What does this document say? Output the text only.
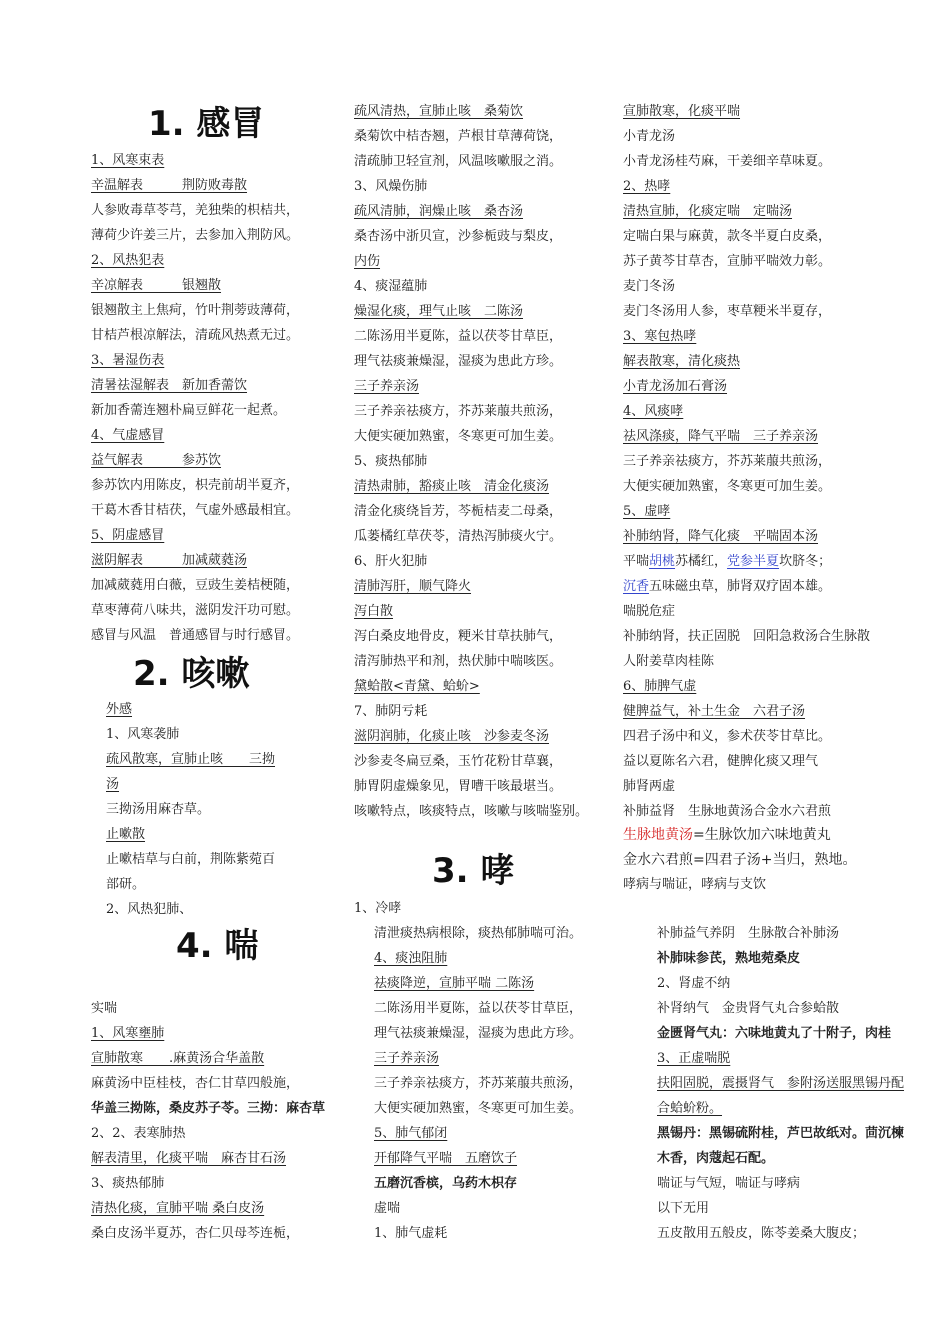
1. 感冒
2. 咳嗽
3. 哮
4. 喘
1、风寒束表
辛温解表　　　荆防败毒散
人参败毒草苓芎，羌独柴的枳桔共，
薄荷少许姜三片，去参加入荆防风。
2、风热犯表
辛凉解表　　　银翘散
银翘散主上焦疴，竹叶荆蒡豉薄荷，
甘桔芦根凉解法，清疏风热煮无过。
3、暑湿伤表
清暑祛湿解表　新加香薷饮
新加香薷连翘朴扁豆鲜花一起煮。
4、气虚感冒
益气解表　　　参苏饮
参苏饮内用陈皮，枳壳前胡半夏齐，
干葛木香甘桔茯，气虚外感最相宜。
5、阴虚感冒
滋阴解表　　　加减葳蕤汤
加减葳蕤用白薇，豆豉生姜桔梗随，
草枣薄荷八味共，滋阴发汗功可慰。
感冒与风温　普通感冒与时行感冒。
外感
1、风寒袭肺
疏风散寒，宣肺止咳　　三拗
汤
三拗汤用麻杏草。
止嗽散
止嗽桔草与白前，荆陈紫菀百
部研。
2、风热犯肺、
疏风清热，宣肺止咳　桑菊饮
桑菊饮中桔杏翘，芦根甘草薄荷饶，
清疏肺卫轻宣剂，风温咳嗽服之消。
3、风燥伤肺
疏风清肺，润燥止咳　桑杏汤
桑杏汤中浙贝宣，沙参栀豉与梨皮，
内伤
4、痰湿蕴肺
燥湿化痰，理气止咳　二陈汤
二陈汤用半夏陈，益以茯苓甘草臣，
理气祛痰兼燥湿，湿痰为患此方珍。
三子养亲汤
三子养亲祛痰方，芥苏莱菔共煎汤，
大便实硬加熟蜜，冬寒更可加生姜。
5、痰热郁肺
清热肃肺，豁痰止咳　清金化痰汤
清金化痰绕旨芳，芩栀桔麦二母桑，
瓜蒌橘红草茯苓，清热泻肺痰火宁。
6、肝火犯肺
清肺泻肝，顺气降火
泻白散
泻白桑皮地骨皮，粳米甘草扶肺气，
清泻肺热平和剂，热伏肺中喘咳医。
黛蛤散<青黛、蛤蚧>
7、肺阴亏耗
滋阴润肺，化痰止咳　沙参麦冬汤
沙参麦冬扁豆桑，玉竹花粉甘草襄，
肺胃阴虚燥象见，胃嘈干咳最堪当。
咳嗽特点，咳痰特点，咳嗽与咳喘鉴别。
宣肺散寒，化痰平喘
小青龙汤
小青龙汤桂芍麻，干姜细辛草味夏。
2、热哮
清热宣肺，化痰定喘　定喘汤
定喘白果与麻黄，款冬半夏白皮桑，
苏子黄芩甘草杏，宣肺平喘效力彰。
麦门冬汤
麦门冬汤用人参，枣草粳米半夏存，
3、寒包热哮
解表散寒，清化痰热
小青龙汤加石膏汤
4、风痰哮
祛风涤痰，降气平喘　三子养亲汤
三子养亲祛痰方，芥苏莱菔共煎汤，
大便实硬加熟蜜，冬寒更可加生姜。
5、虚哮
补肺纳肾，降气化痰　平喘固本汤
平喘胡桃苏橘红，党参半夏坎脐冬；
沉香五味磁虫草，肺肾双疗固本雄。
喘脱危症
补肺纳肾，扶正固脱　回阳急救汤合生脉散
人附姜草肉桂陈
6、肺脾气虚
健脾益气，补土生金　六君子汤
四君子汤中和义，参术茯苓甘草比。
益以夏陈名六君，健脾化痰又理气
肺肾两虚
补肺益肾　生脉地黄汤合金水六君煎
生脉地黄汤=生脉饮加六味地黄丸
金水六君煎=四君子汤+当归，熟地。
哮病与喘证，哮病与支饮
实喘
1、风寒壅肺
宣肺散寒　　.麻黄汤合华盖散
麻黄汤中臣桂枝，杏仁甘草四般施，
华盖三拗陈，桑皮苏子苓。三拗：麻杏草
2、2、表寒肺热
解表清里，化痰平喘　麻杏甘石汤
3、痰热郁肺
清热化痰，宣肺平喘 桑白皮汤
桑白皮汤半夏苏，杏仁贝母芩连栀，
1、冷哮
清泄痰热病根除，痰热郁肺喘可治。
4、痰浊阻肺
祛痰降逆，宣肺平喘 二陈汤
二陈汤用半夏陈，益以茯苓甘草臣，
理气祛痰兼燥湿，湿痰为患此方珍。
三子养亲汤
三子养亲祛痰方，芥苏莱菔共煎汤，
大便实硬加熟蜜，冬寒更可加生姜。
5、肺气郁闭
开郁降气平喘　五磨饮子
五磨沉香槟，乌药木枳存
虚喘
1、肺气虚耗
补肺益气养阴　生脉散合补肺汤
补肺味参芪，熟地菀桑皮
2、肾虚不纳
补肾纳气　金贵肾气丸合参蛤散
金匮肾气丸：六味地黄丸了十附子，肉桂
3、正虚喘脱
扶阳固脱，震摄肾气　参附汤送服黑锡丹配
合蛤蚧粉。
黑锡丹：黑锡硫附桂，芦巴故纸对。茴沉楝
木香，肉蔻起石配。
喘证与气短，喘证与哮病
以下无用
五皮散用五般皮，陈苓姜桑大腹皮；
